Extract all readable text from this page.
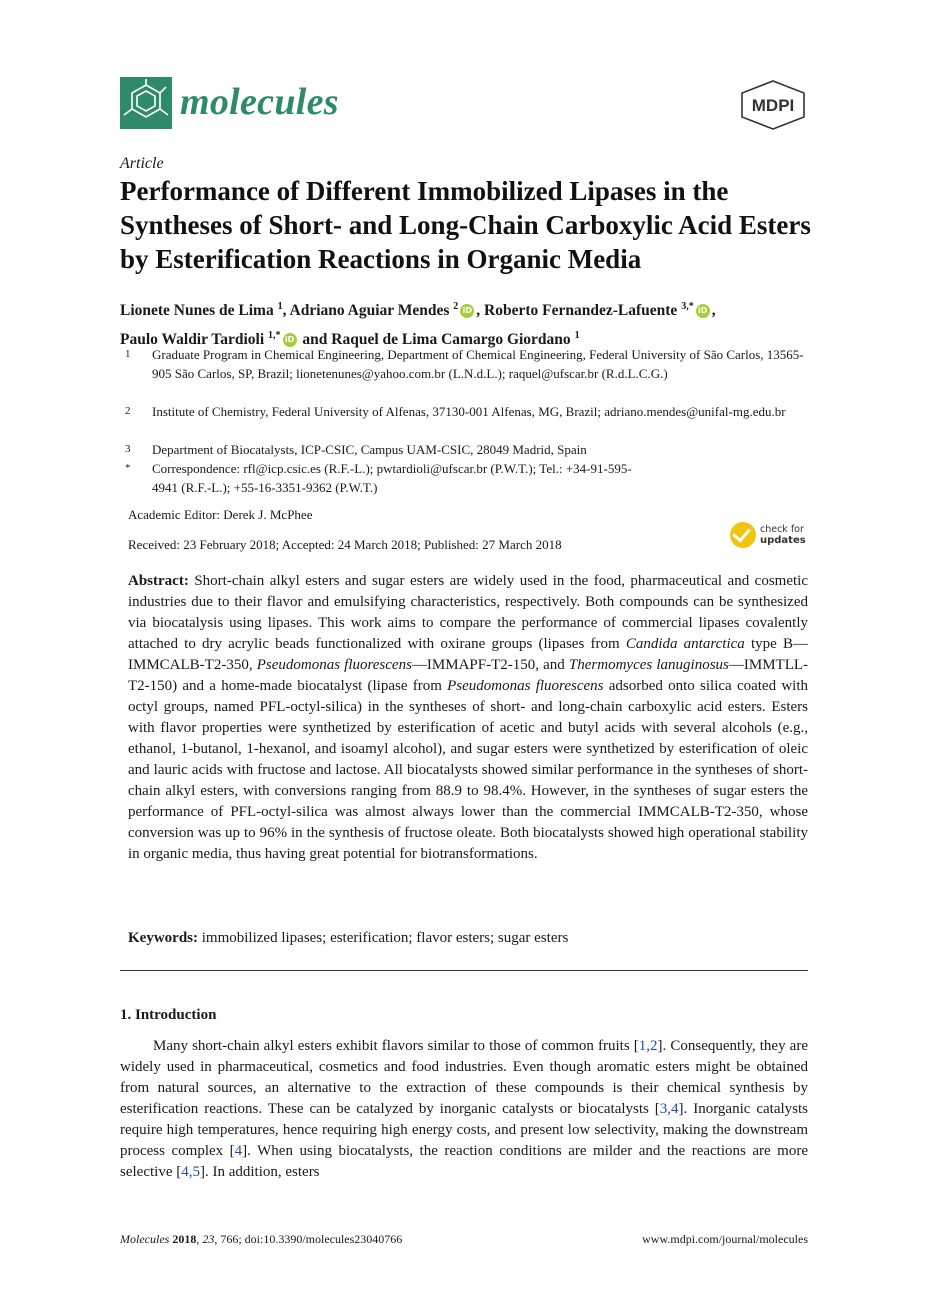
molecules	MDPI
Article
Performance of Different Immobilized Lipases in the Syntheses of Short- and Long-Chain Carboxylic Acid Esters by Esterification Reactions in Organic Media
Lionete Nunes de Lima $^1$, Adriano Aguiar Mendes $^2$ iD , Roberto Fernandez-Lafuente $^{3,*}$ iD ,
Paulo Waldir Tardioli $^{1,*}$ iD and Raquel de Lima Camargo Giordano $^1$
1 Graduate Program in Chemical Engineering, Department of Chemical Engineering, Federal University of São Carlos, 13565-905 São Carlos, SP, Brazil; lionetenunes@yahoo.com.br (L.N.d.L.); raquel@ufscar.br (R.d.L.C.G.)
2 Institute of Chemistry, Federal University of Alfenas, 37130-001 Alfenas, MG, Brazil; adriano.mendes@unifal-mg.edu.br
3 Department of Biocatalysts, ICP-CSIC, Campus UAM-CSIC, 28049 Madrid, Spain
* Correspondence: rfl@icp.csic.es (R.F.-L.); pwtardioli@ufscar.br (P.W.T.); Tel.: +34-91-595-4941 (R.F.-L.); +55-16-3351-9362 (P.W.T.)
Academic Editor: Derek J. McPhee
Received: 23 February 2018; Accepted: 24 March 2018; Published: 27 March 2018
check for
updates
Abstract: Short-chain alkyl esters and sugar esters are widely used in the food, pharmaceutical and cosmetic industries due to their flavor and emulsifying characteristics, respectively. Both compounds can be synthesized via biocatalysis using lipases. This work aims to compare the performance of commercial lipases covalently attached to dry acrylic beads functionalized with oxirane groups (lipases from Candida antarctica type B—IMMCALB-T2-350, Pseudomonas fluorescens—IMMAPF-T2-150, and Thermomyces lanuginosus—IMMTLL-T2-150) and a home-made biocatalyst (lipase from Pseudomonas fluorescens adsorbed onto silica coated with octyl groups, named PFL-octyl-silica) in the syntheses of short- and long-chain carboxylic acid esters. Esters with flavor properties were synthetized by esterification of acetic and butyl acids with several alcohols (e.g., ethanol, 1-butanol, 1-hexanol, and isoamyl alcohol), and sugar esters were synthetized by esterification of oleic and lauric acids with fructose and lactose. All biocatalysts showed similar performance in the syntheses of short-chain alkyl esters, with conversions ranging from 88.9 to 98.4%. However, in the syntheses of sugar esters the performance of PFL-octyl-silica was almost always lower than the commercial IMMCALB-T2-350, whose conversion was up to 96% in the synthesis of fructose oleate. Both biocatalysts showed high operational stability in organic media, thus having great potential for biotransformations.
Keywords: immobilized lipases; esterification; flavor esters; sugar esters
1. Introduction
Many short-chain alkyl esters exhibit flavors similar to those of common fruits [1,2]. Consequently, they are widely used in pharmaceutical, cosmetics and food industries. Even though aromatic esters might be obtained from natural sources, an alternative to the extraction of these compounds is their chemical synthesis by esterification reactions. These can be catalyzed by inorganic catalysts or biocatalysts [3,4]. Inorganic catalysts require high temperatures, hence requiring high energy costs, and present low selectivity, making the downstream process complex [4]. When using biocatalysts, the reaction conditions are milder and the reactions are more selective [4,5]. In addition, esters
Molecules 2018, 23, 766; doi:10.3390/molecules23040766	www.mdpi.com/journal/molecules
